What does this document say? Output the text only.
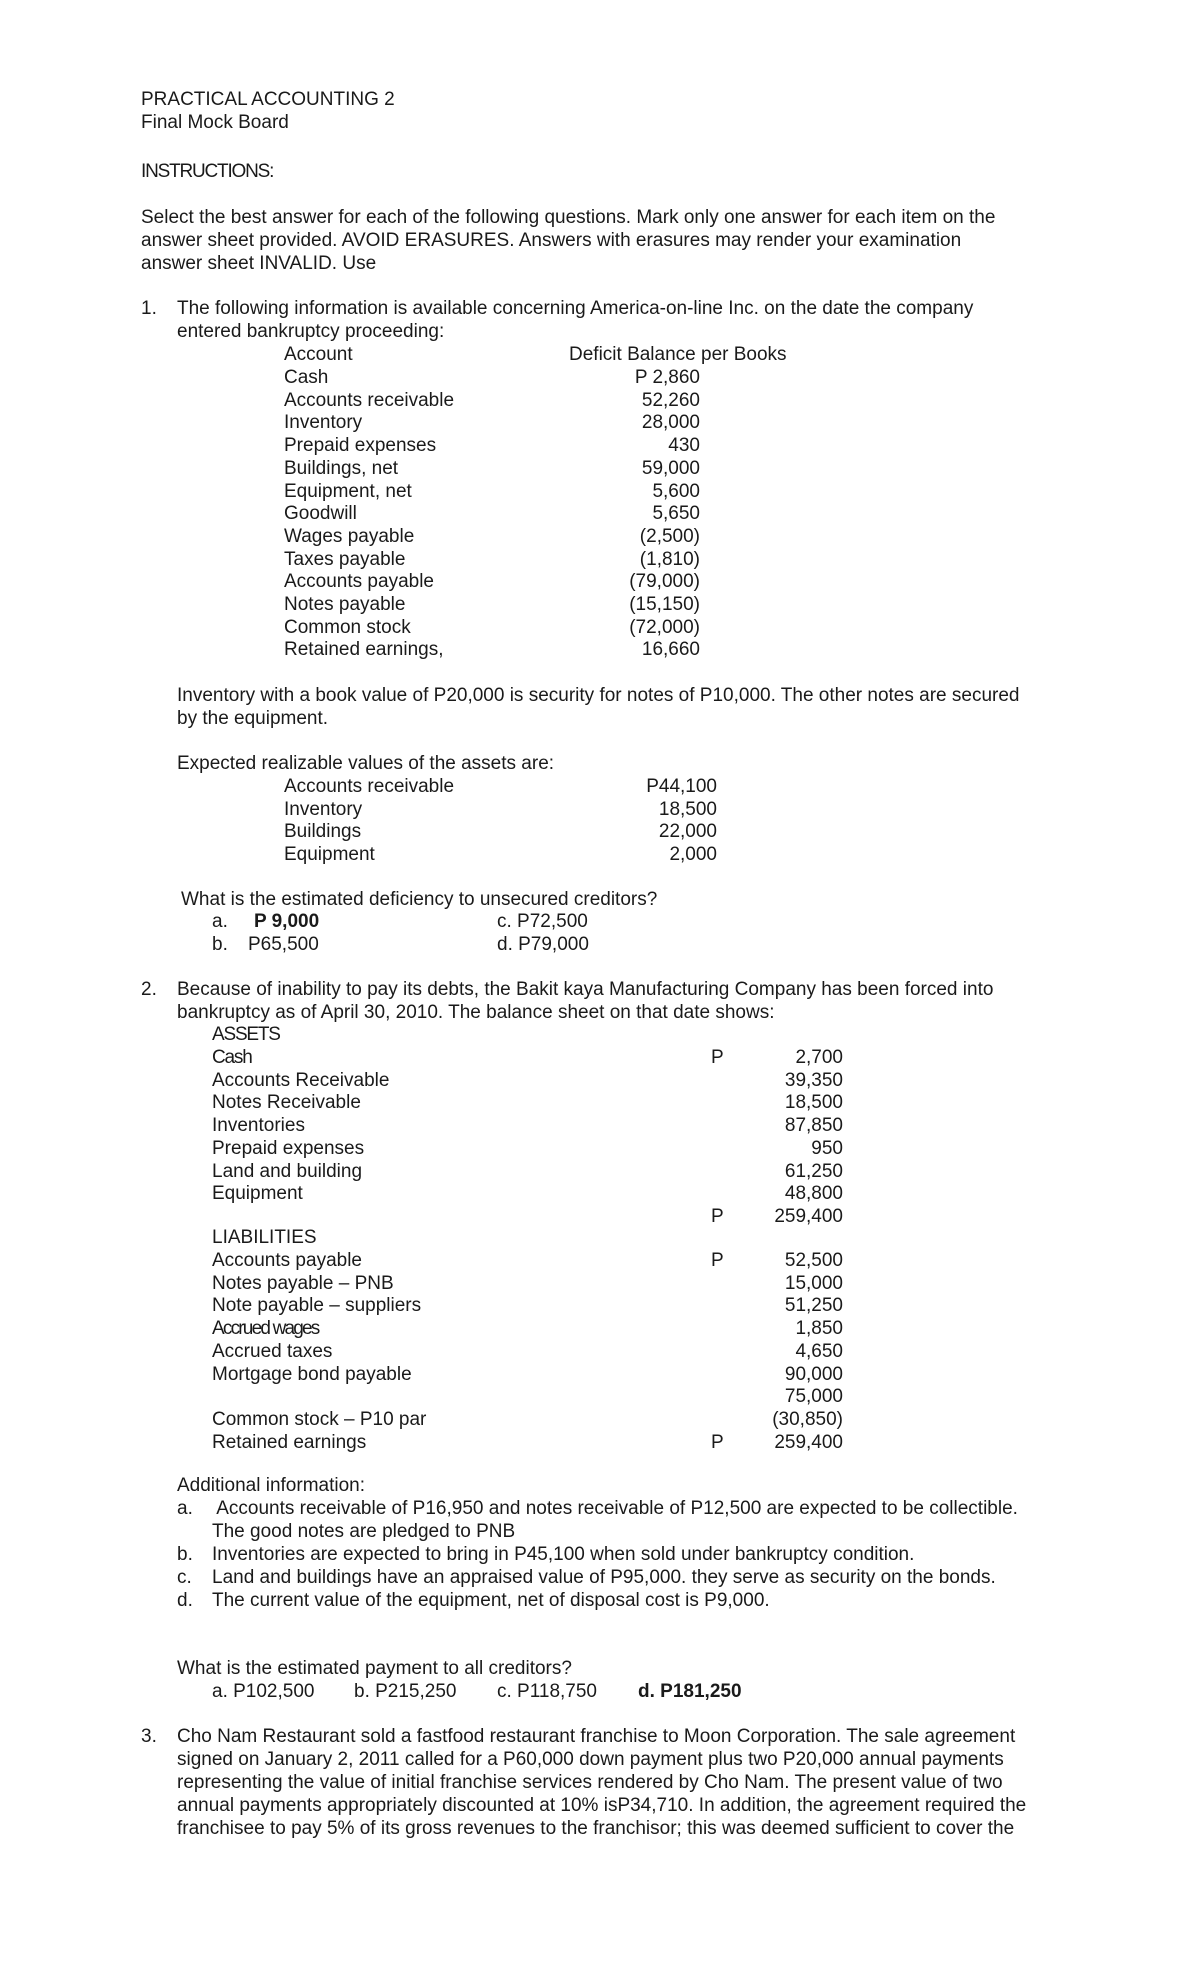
PRACTICAL ACCOUNTING 2
Final Mock Board
INSTRUCTIONS:
Select the best answer for each of the following questions. Mark only one answer for each item on the
answer sheet provided. AVOID ERASURES. Answers with erasures may render your examination
answer sheet INVALID. Use
1. The following information is available concerning America-on-line Inc. on the date the company
entered bankruptcy proceeding:
Account	Deficit Balance per Books
Cash	P 2,860
Accounts receivable	52,260
Inventory	28,000
Prepaid expenses	430
Buildings, net	59,000
Equipment, net	5,600
Goodwill	5,650
Wages payable	(2,500)
Taxes payable	(1,810)
Accounts payable	(79,000)
Notes payable	(15,150)
Common stock	(72,000)
Retained earnings,	16,660
Inventory with a book value of P20,000 is security for notes of P10,000. The other notes are secured
by the equipment.
Expected realizable values of the assets are:
Accounts receivable	P44,100
Inventory	18,500
Buildings	22,000
Equipment	2,000
What is the estimated deficiency to unsecured creditors?
a. P 9,000	c. P72,500
b. P65,500	d. P79,000
2. Because of inability to pay its debts, the Bakit kaya Manufacturing Company has been forced into
bankruptcy as of April 30, 2010. The balance sheet on that date shows:
ASSETS
Cash	P	2,700
Accounts Receivable	39,350
Notes Receivable	18,500
Inventories	87,850
Prepaid expenses	950
Land and building	61,250
Equipment	48,800
P	259,400
LIABILITIES
Accounts payable	P	52,500
Notes payable – PNB	15,000
Note payable – suppliers	51,250
Accrued wages	1,850
Accrued taxes	4,650
Mortgage bond payable	90,000
75,000
Common stock – P10 par	(30,850)
Retained earnings	P	259,400
Additional information:
a. Accounts receivable of P16,950 and notes receivable of P12,500 are expected to be collectible.
The good notes are pledged to PNB
b. Inventories are expected to bring in P45,100 when sold under bankruptcy condition.
c. Land and buildings have an appraised value of P95,000. they serve as security on the bonds.
d. The current value of the equipment, net of disposal cost is P9,000.
What is the estimated payment to all creditors?
a. P102,500 b. P215,250 c. P118,750 d. P181,250
3. Cho Nam Restaurant sold a fastfood restaurant franchise to Moon Corporation. The sale agreement
signed on January 2, 2011 called for a P60,000 down payment plus two P20,000 annual payments
representing the value of initial franchise services rendered by Cho Nam. The present value of two
annual payments appropriately discounted at 10% isP34,710. In addition, the agreement required the
franchisee to pay 5% of its gross revenues to the franchisor; this was deemed sufficient to cover the
